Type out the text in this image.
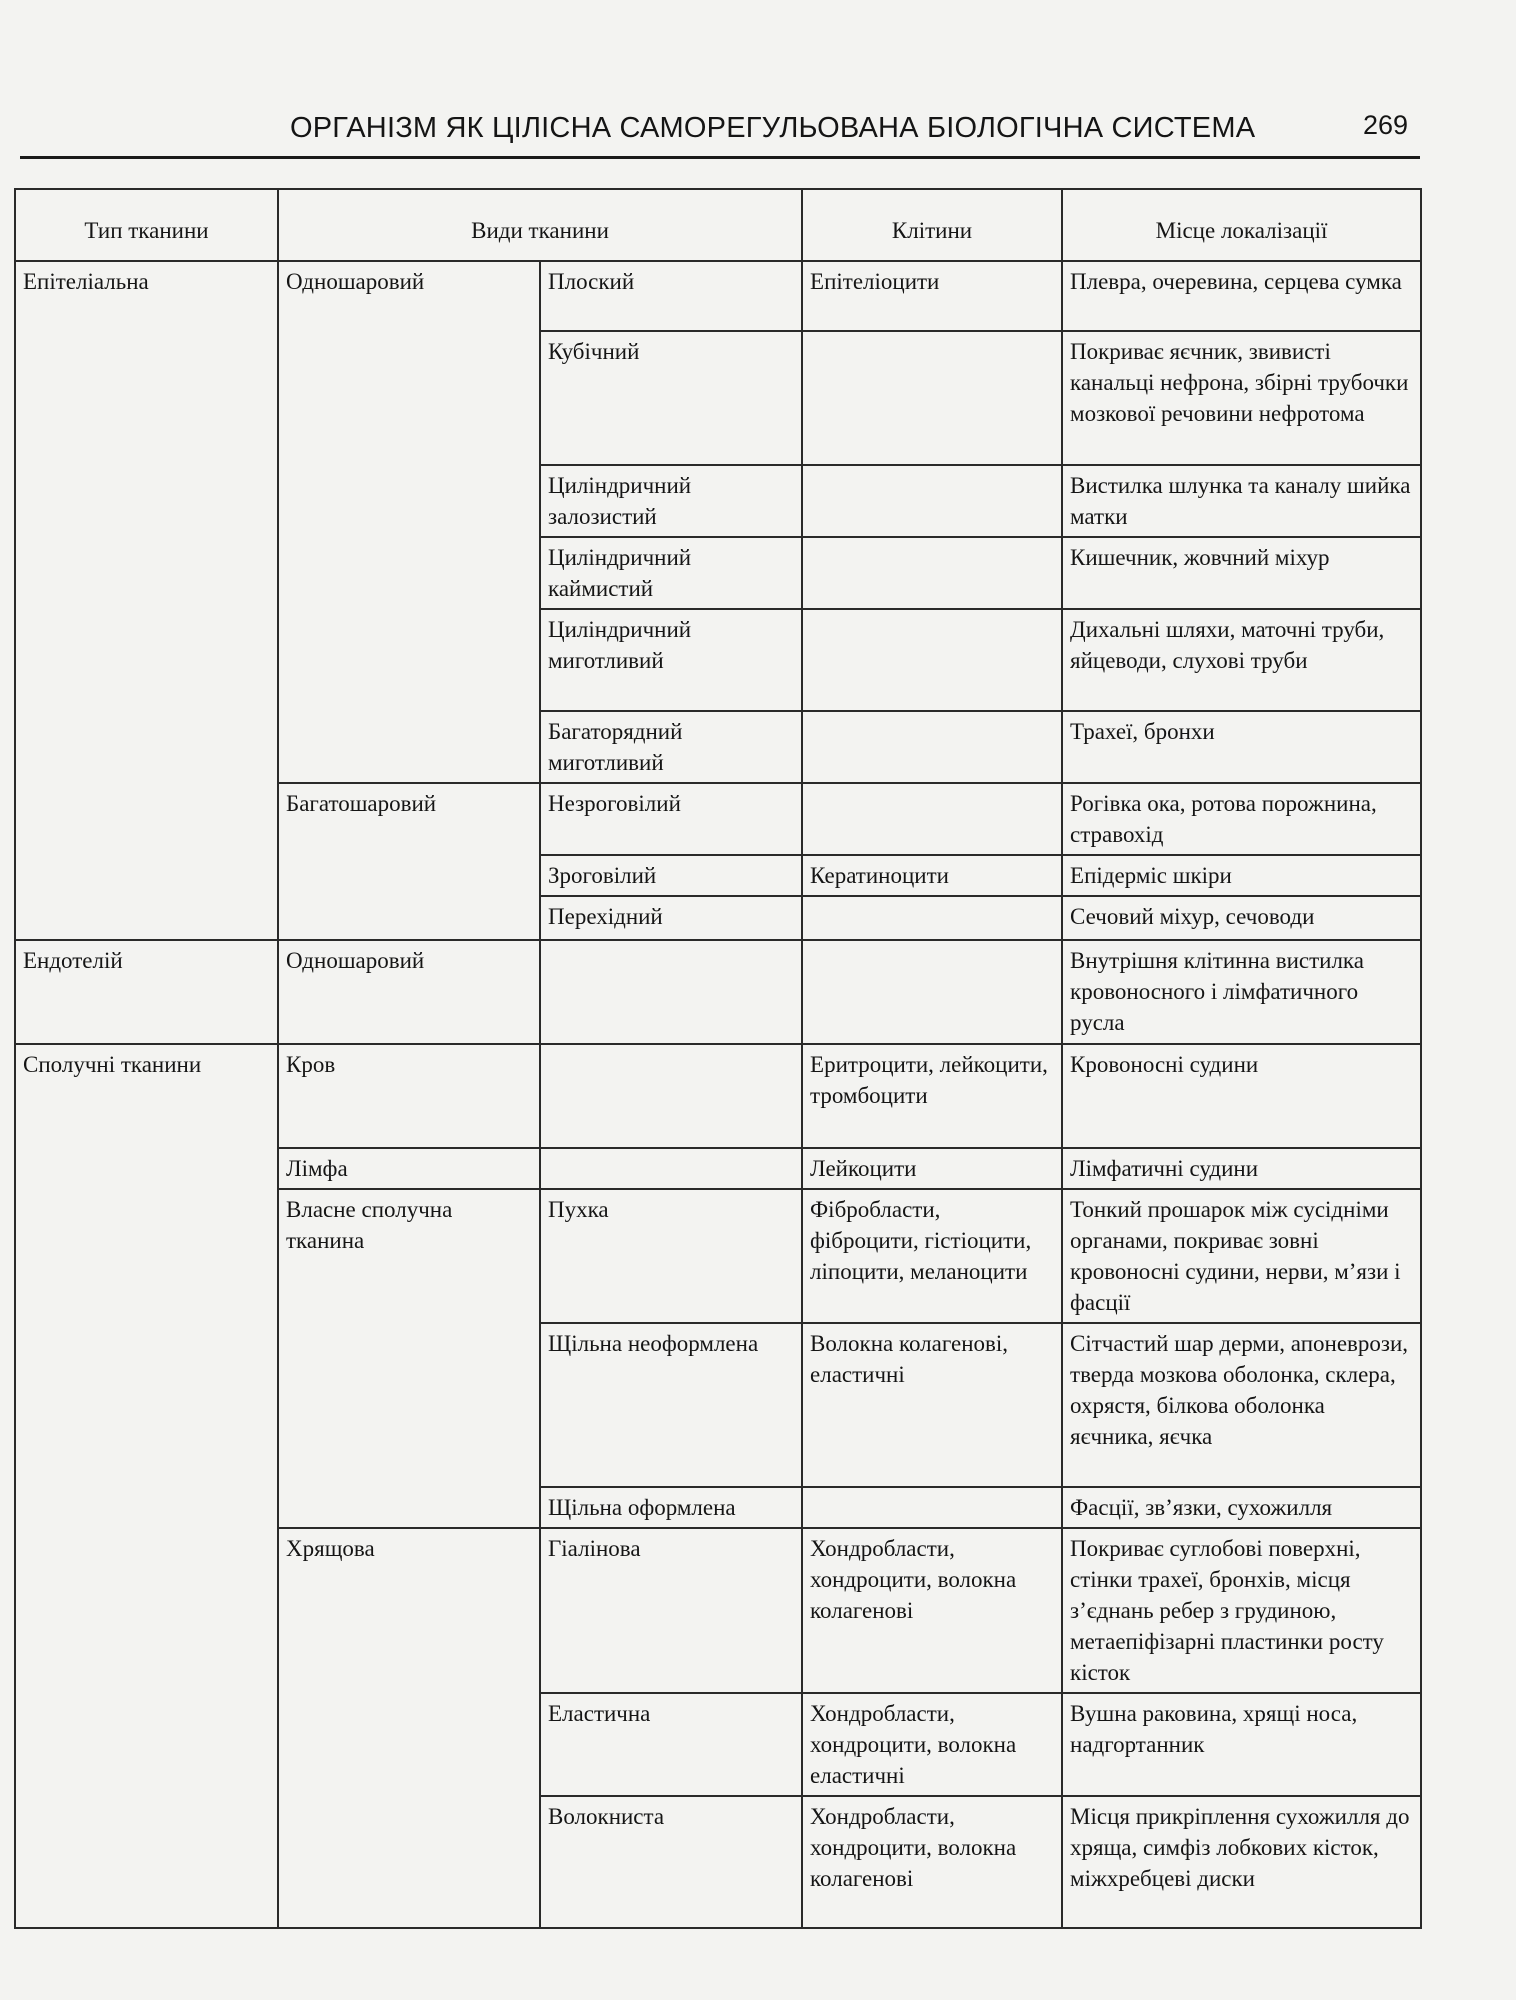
ОРГАНІЗМ ЯК ЦІЛІСНА САМОРЕГУЛЬОВАНА БІОЛОГІЧНА СИСТЕМА	269
Тип тканини	Види тканини		Клітини	Місце локалізації
Епітеліальна	Одношаровий	Плоский	Епітеліоцити	Плевра, очеревина, серцева сумка
		Кубічний		Покриває яєчник, звивисті канальці нефрона, збірні трубочки мозкової речовини нефротома
		Циліндричний залозистий		Вистилка шлунка та каналу шийка матки
		Циліндричний каймистий		Кишечник, жовчний міхур
		Циліндричний миготливий		Дихальні шляхи, маточні труби, яйцеводи, слухові труби
		Багаторядний миготливий		Трахеї, бронхи
	Багатошаровий	Незроговілий		Рогівка ока, ротова порожнина, стравохід
		Зроговілий	Кератиноцити	Епідерміс шкіри
		Перехідний		Сечовий міхур, сечоводи
Ендотелій	Одношаровий			Внутрішня клітинна вистилка кровоносного і лімфатичного русла
Сполучні тканини	Кров		Еритроцити, лейкоцити, тромбоцити	Кровоносні судини
	Лімфа		Лейкоцити	Лімфатичні судини
	Власне сполучна тканина	Пухка	Фібробласти, фіброцити, гістіоцити, ліпоцити, меланоцити	Тонкий прошарок між сусідніми органами, покриває зовні кровоносні судини, нерви, м’язи і фасції
		Щільна неоформлена	Волокна колагенові, еластичні	Сітчастий шар дерми, апоневрози, тверда мозкова оболонка, склера, охрястя, білкова оболонка яєчника, яєчка
		Щільна оформлена		Фасції, зв’язки, сухожилля
	Хрящова	Гіалінова	Хондробласти, хондроцити, волокна колагенові	Покриває суглобові поверхні, стінки трахеї, бронхів, місця з’єднань ребер з грудиною, метаепіфізарні пластинки росту кісток
		Еластична	Хондробласти, хондроцити, волокна еластичні	Вушна раковина, хрящі носа, надгортанник
		Волокниста	Хондробласти, хондроцити, волокна колагенові	Місця прикріплення сухожилля до хряща, симфіз лобкових кісток, міжхребцеві диски
